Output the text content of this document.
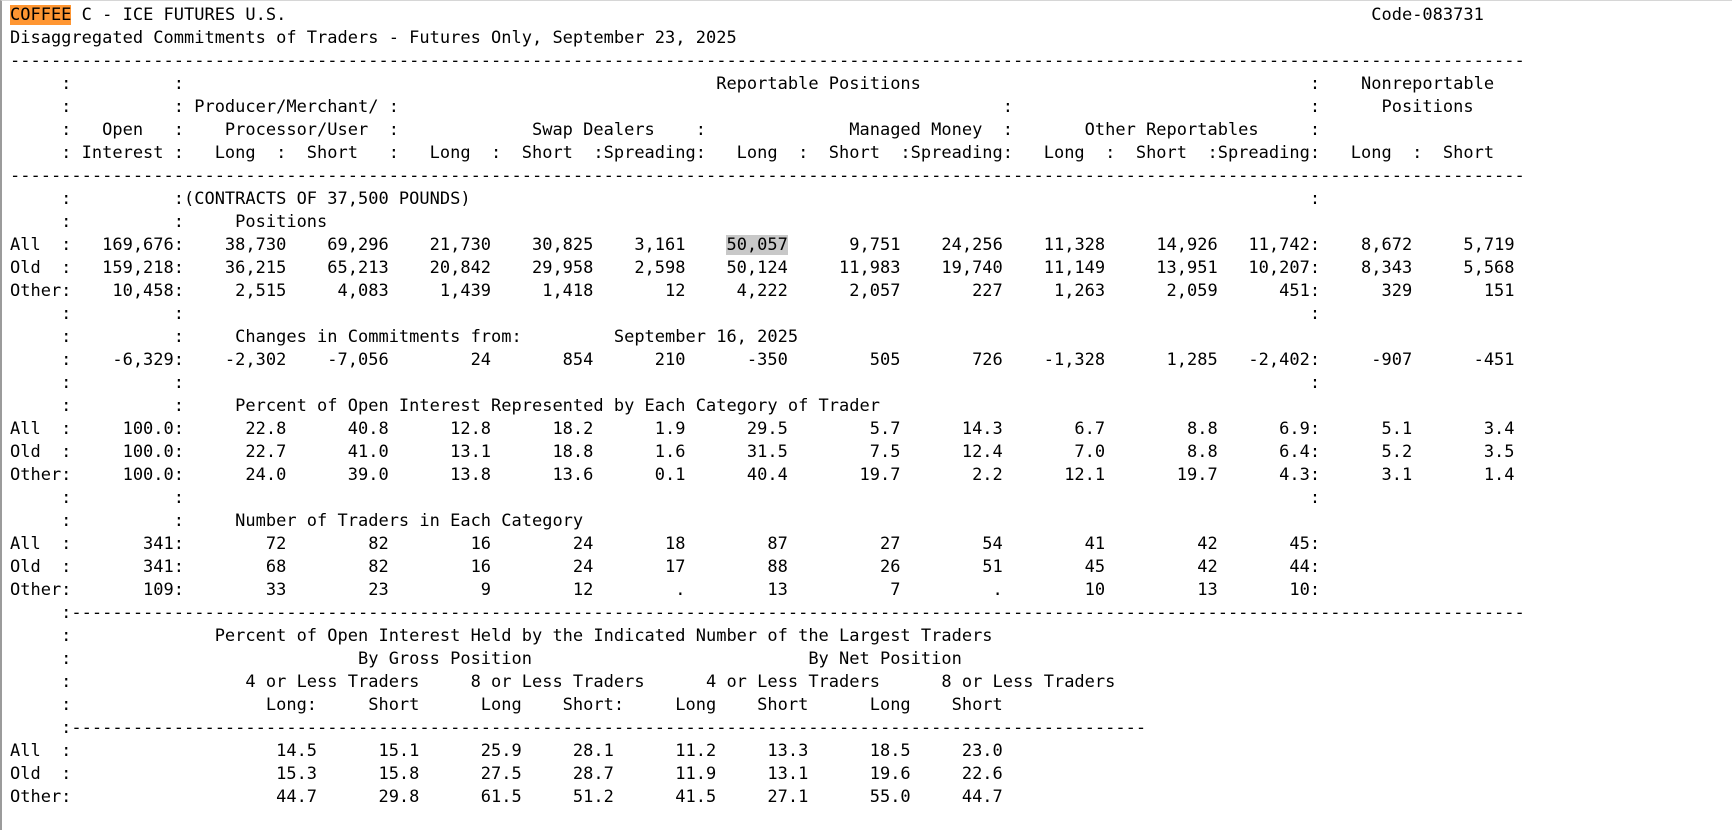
COFFEE C - ICE FUTURES U.S.                                                                                                          Code-083731
Disaggregated Commitments of Traders - Futures Only, September 23, 2025
----------------------------------------------------------------------------------------------------------------------------------------------------
:          :                                                    Reportable Positions                                      :    Nonreportable
:          : Producer/Merchant/ :                                                           :                             :      Positions
:   Open   :    Processor/User  :             Swap Dealers    :              Managed Money  :       Other Reportables     :
: Interest :   Long  :  Short   :   Long  :  Short  :Spreading:   Long  :  Short  :Spreading:   Long  :  Short  :Spreading:   Long  :  Short
----------------------------------------------------------------------------------------------------------------------------------------------------
:          :(CONTRACTS OF 37,500 POUNDS)                                                                                  :
:          :     Positions
All  :   169,676:    38,730    69,296    21,730    30,825    3,161    50,057      9,751    24,256    11,328     14,926   11,742:    8,672     5,719
Old  :   159,218:    36,215    65,213    20,842    29,958    2,598    50,124     11,983    19,740    11,149     13,951   10,207:    8,343     5,568
Other:    10,458:     2,515     4,083     1,439     1,418       12     4,222      2,057       227     1,263      2,059      451:      329       151
:          :                                                                                                              :
:          :     Changes in Commitments from:         September 16, 2025
:    -6,329:    -2,302    -7,056        24       854      210      -350        505       726    -1,328      1,285   -2,402:     -907      -451
:          :                                                                                                              :
:          :     Percent of Open Interest Represented by Each Category of Trader
All  :     100.0:      22.8      40.8      12.8      18.2      1.9      29.5        5.7      14.3       6.7        8.8      6.9:      5.1       3.4
Old  :     100.0:      22.7      41.0      13.1      18.8      1.6      31.5        7.5      12.4       7.0        8.8      6.4:      5.2       3.5
Other:     100.0:      24.0      39.0      13.8      13.6      0.1      40.4       19.7       2.2      12.1       19.7      4.3:      3.1       1.4
:          :                                                                                                              :
:          :     Number of Traders in Each Category
All  :       341:        72        82        16        24       18        87         27        54        41         42       45:
Old  :       341:        68        82        16        24       17        88         26        51        45         42       44:
Other:       109:        33        23         9        12        .        13          7         .        10         13       10:
:----------------------------------------------------------------------------------------------------------------------------------------------
:              Percent of Open Interest Held by the Indicated Number of the Largest Traders
:                            By Gross Position                           By Net Position
:                 4 or Less Traders     8 or Less Traders      4 or Less Traders      8 or Less Traders
:                   Long:     Short      Long    Short:     Long    Short      Long    Short
:---------------------------------------------------------------------------------------------------------
All  :                    14.5      15.1      25.9     28.1      11.2     13.3      18.5     23.0
Old  :                    15.3      15.8      27.5     28.7      11.9     13.1      19.6     22.6
Other:                    44.7      29.8      61.5     51.2      41.5     27.1      55.0     44.7
